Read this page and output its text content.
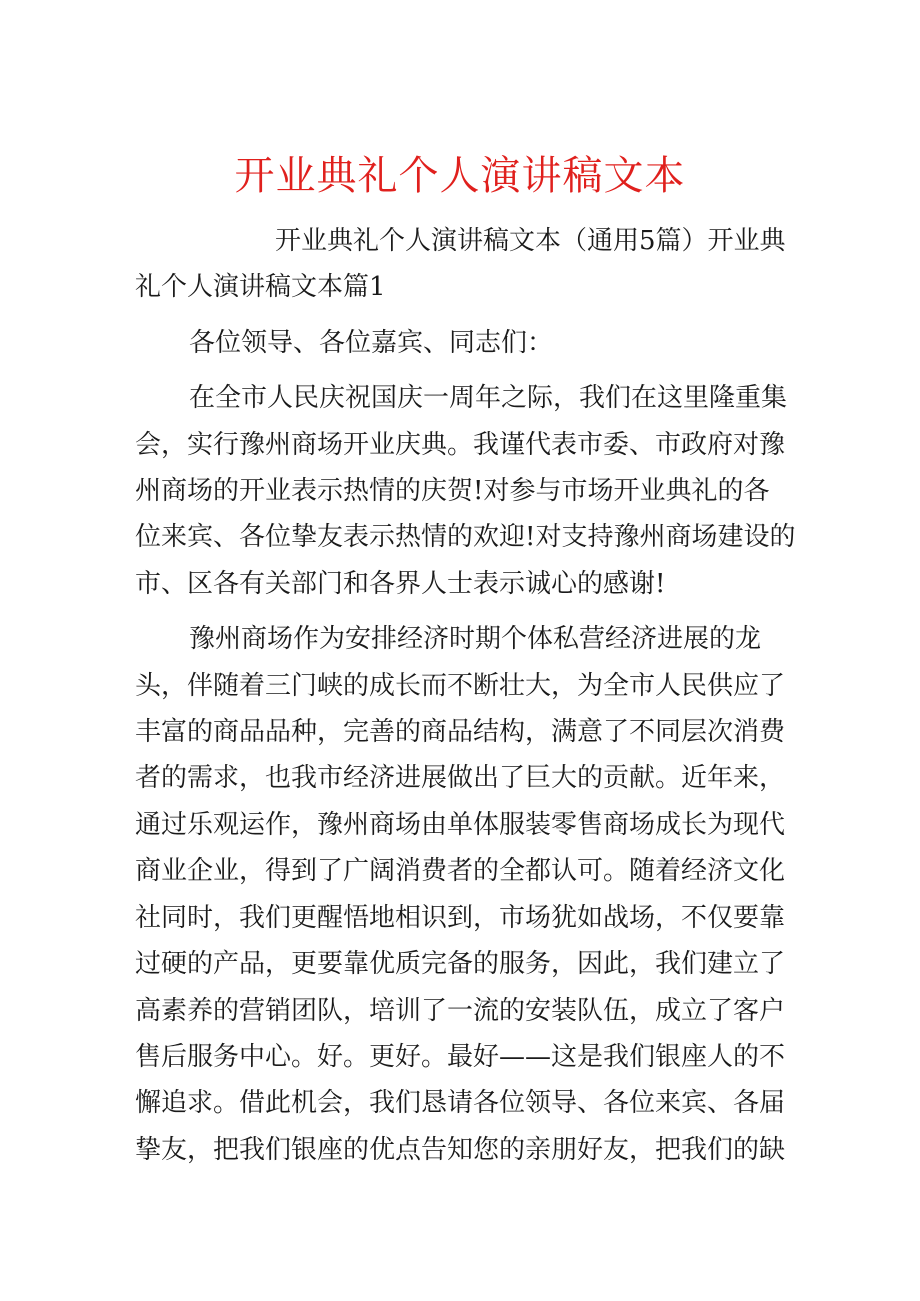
开业典礼个人演讲稿文本

开业典礼个人演讲稿文本（通用5篇）开业典
礼个人演讲稿文本篇1

各位领导、各位嘉宾、同志们：

在全市人民庆祝国庆一周年之际，我们在这里隆重集
会，实行豫州商场开业庆典。我谨代表市委、市政府对豫
州商场的开业表示热情的庆贺!对参与市场开业典礼的各
位来宾、各位挚友表示热情的欢迎!对支持豫州商场建设的
市、区各有关部门和各界人士表示诚心的感谢!

豫州商场作为安排经济时期个体私营经济进展的龙
头，伴随着三门峡的成长而不断壮大，为全市人民供应了
丰富的商品品种，完善的商品结构，满意了不同层次消费
者的需求，也我市经济进展做出了巨大的贡献。近年来，
通过乐观运作，豫州商场由单体服装零售商场成长为现代
商业企业，得到了广阔消费者的全都认可。随着经济文化
社同时，我们更醒悟地相识到，市场犹如战场，不仅要靠
过硬的产品，更要靠优质完备的服务，因此，我们建立了
高素养的营销团队，培训了一流的安装队伍，成立了客户
售后服务中心。好。更好。最好——这是我们银座人的不
懈追求。借此机会，我们恳请各位领导、各位来宾、各届
挚友，把我们银座的优点告知您的亲朋好友，把我们的缺
